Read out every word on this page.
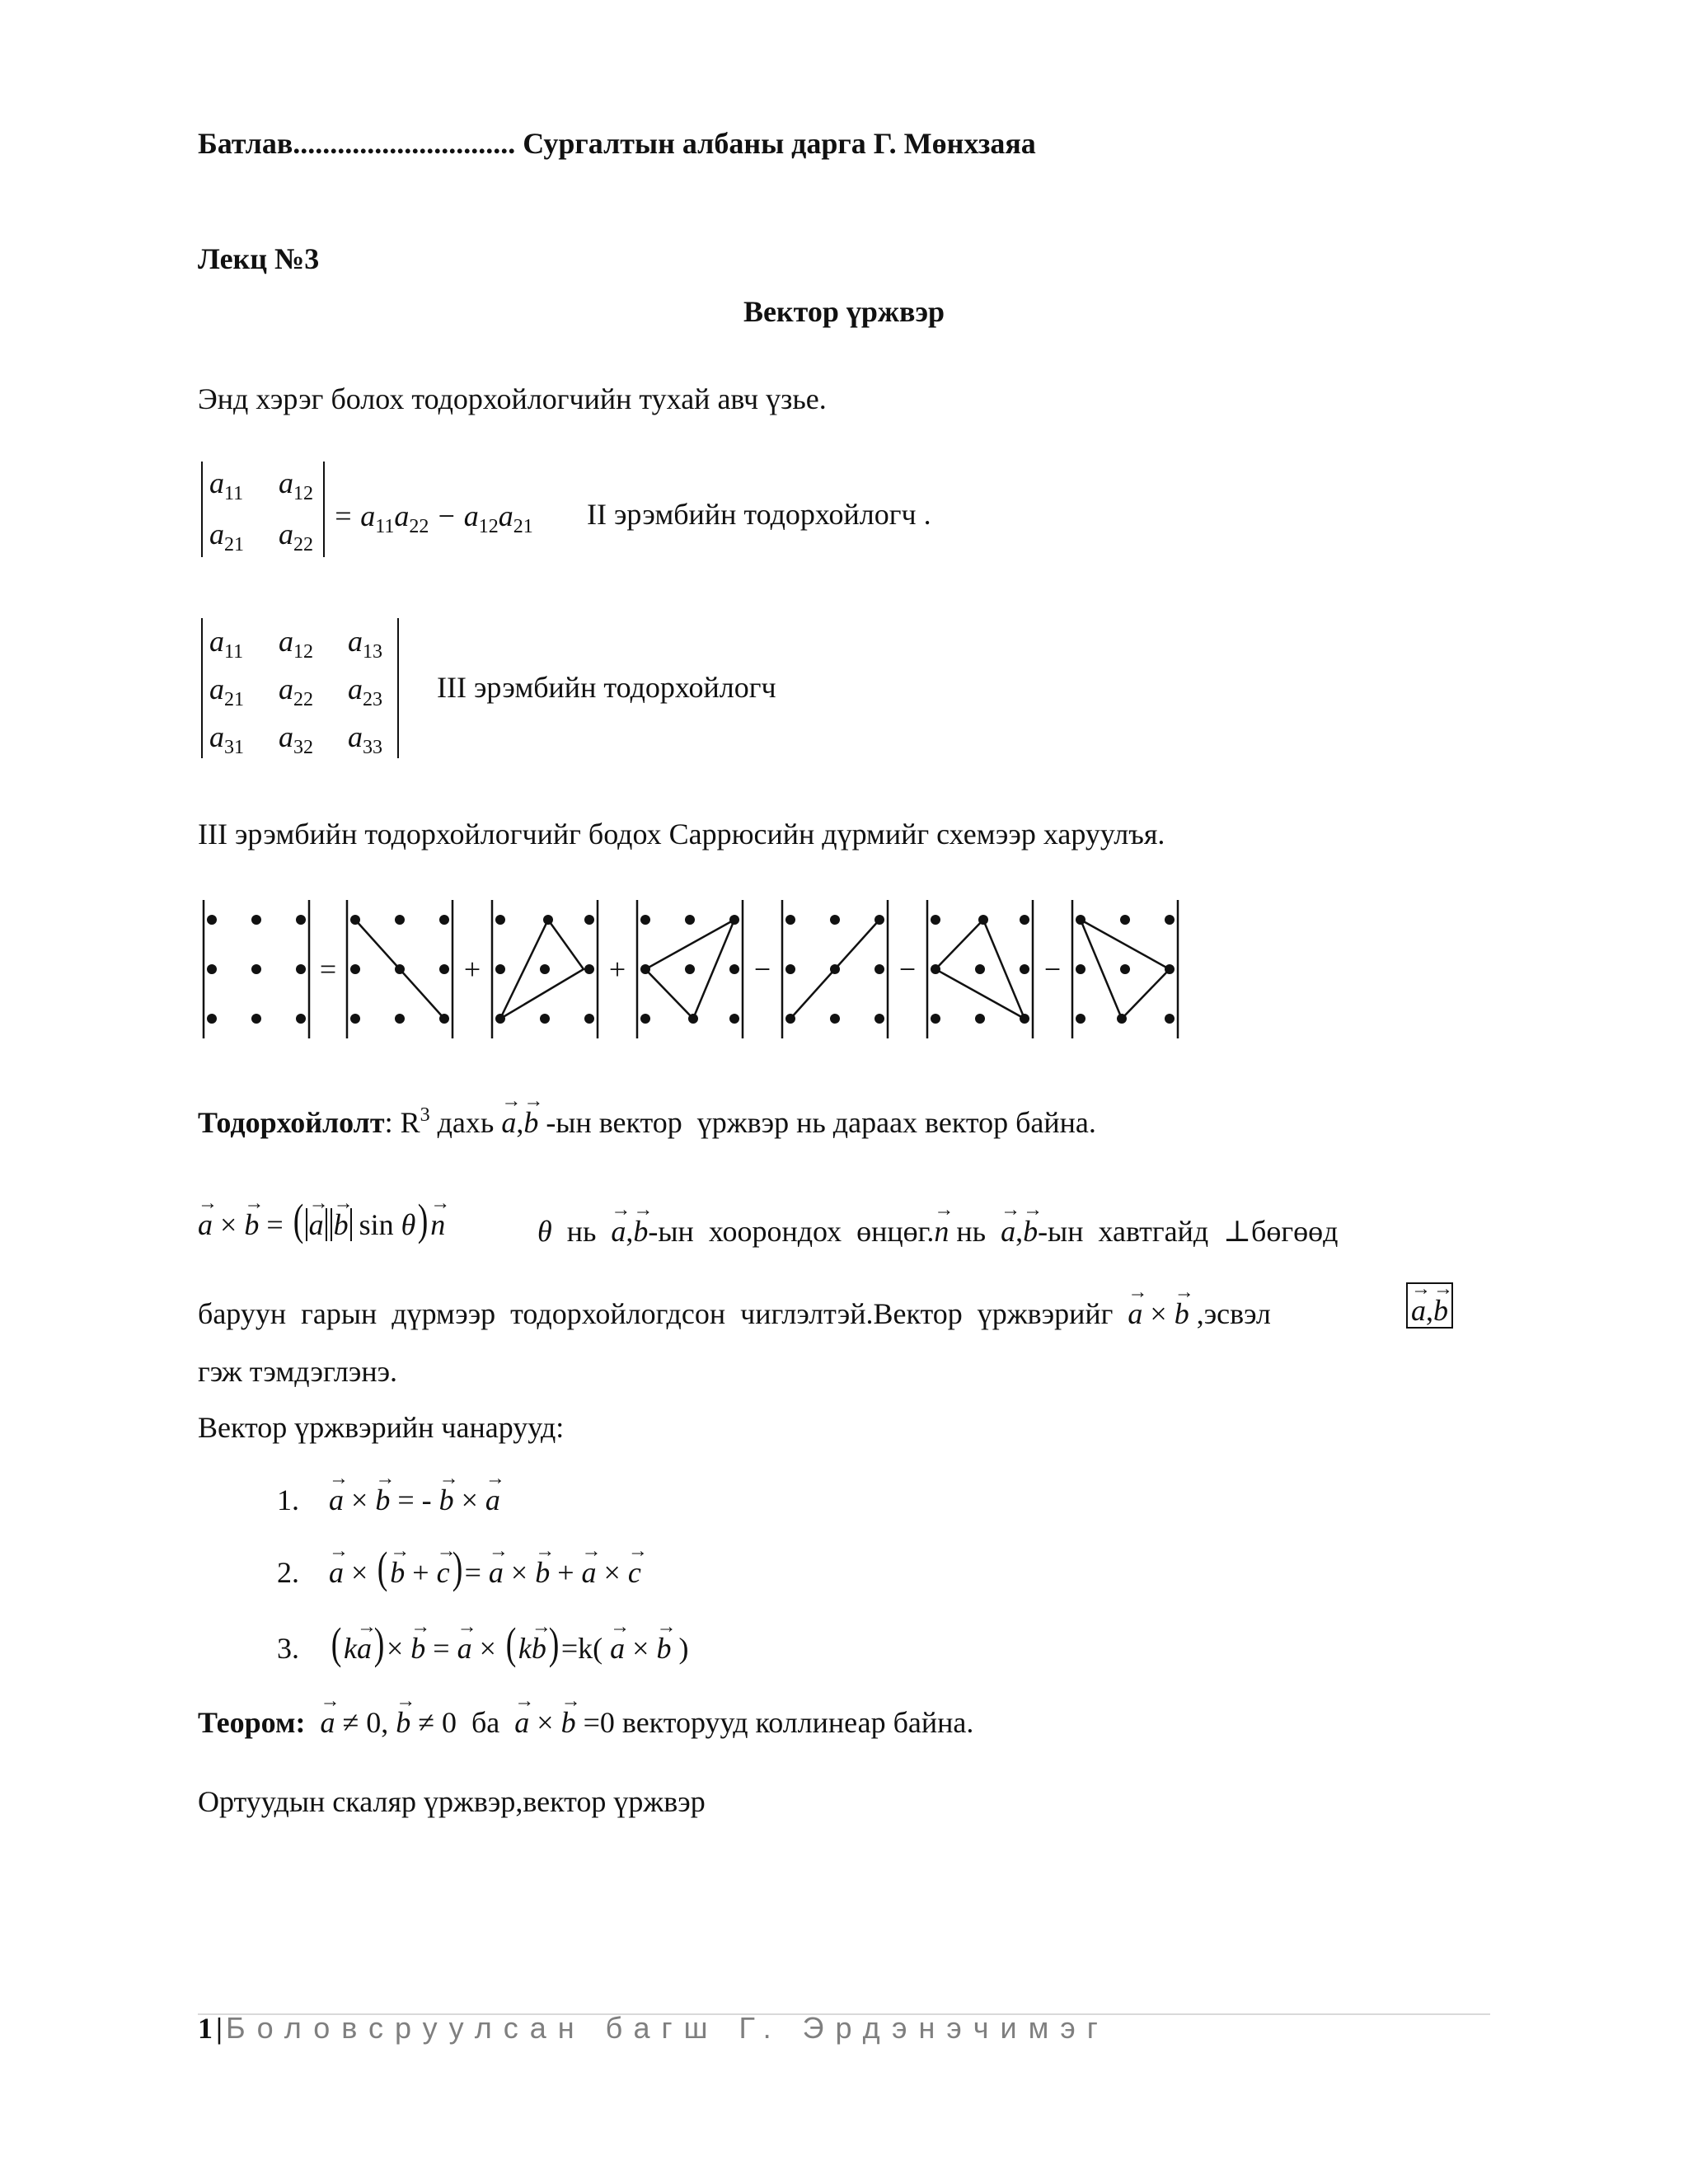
Батлав.............................. Сургалтын албаны дарга Г. Мөнхзаяа
Лекц №3
Вектор үржвэр
Энд хэрэг болох тодорхойлогчийн тухай авч үзье.
$a_{11}$ $a_{12}$
$a_{21}$ $a_{22}$
= $a_{11}a_{22} - a_{12}a_{21}$ II эрэмбийн тодорхойлогч .
$a_{11}$ $a_{12}$ $a_{13}$
$a_{21}$ $a_{22}$ $a_{23}$
$a_{31}$ $a_{32}$ $a_{33}$
III эрэмбийн тодорхойлогч
III эрэмбийн тодорхойлогчийг бодох Саррюсийн дүрмийг схемээр харуулъя.
=	+	+	−	−	−
Тодорхойлолт: $R^3$ дахь → a,→ b -ын вектор  үржвэр нь дараах вектор байна.
→ a × → b = ( → a → b sin θ)→ n	θ  нь  → a,→ b-ын  хоорондох  өнцөг.→ n нь  → a,→ b-ын  хавтгайд  ⊥бөгөөд
баруун  гарын  дүрмээр  тодорхойлогдсон  чиглэлтэй.Вектор  үржвэрийг  → a × → b ,эсвэл	→ a,→ b
гэж тэмдэглэнэ.
Вектор үржвэрийн чанарууд:
1. → a × → b = - → b × → a
2. → a × (→ b + → c)= → a × → b + → a × → c
3. (k→ a)× → b = → a × (k→ b)=k( → a × → b )
Теором: → a ≠ 0, → b ≠ 0  ба  → a × → b =0 векторууд коллинеар байна.
Ортуудын скаляр үржвэр,вектор үржвэр
1 | Боловсруулсан багш Г. Эрдэнэчимэг
